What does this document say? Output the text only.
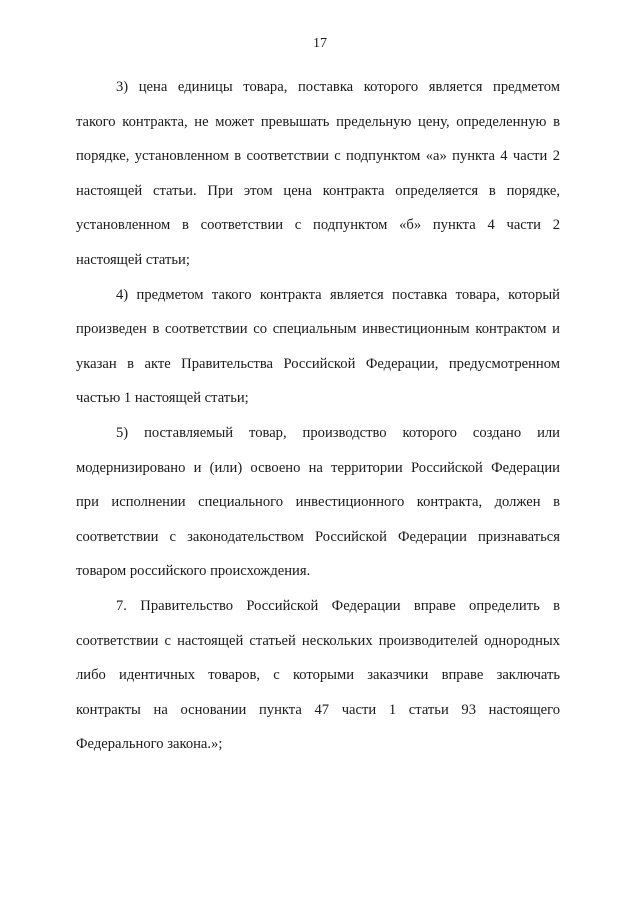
17
3) цена единицы товара, поставка которого является предметом
такого контракта, не может превышать предельную цену, определенную в
порядке, установленном в соответствии с подпунктом «а» пункта 4 части 2
настоящей статьи. При этом цена контракта определяется в порядке,
установленном в соответствии с подпунктом «б» пункта 4 части 2
настоящей статьи;
4) предметом такого контракта является поставка товара, который
произведен в соответствии со специальным инвестиционным контрактом и
указан в акте Правительства Российской Федерации, предусмотренном
частью 1 настоящей статьи;
5) поставляемый товар, производство которого создано или
модернизировано и (или) освоено на территории Российской Федерации
при исполнении специального инвестиционного контракта, должен в
соответствии с законодательством Российской Федерации признаваться
товаром российского происхождения.
7. Правительство Российской Федерации вправе определить в
соответствии с настоящей статьей нескольких производителей однородных
либо идентичных товаров, с которыми заказчики вправе заключать
контракты на основании пункта 47 части 1 статьи 93 настоящего
Федерального закона.»;
